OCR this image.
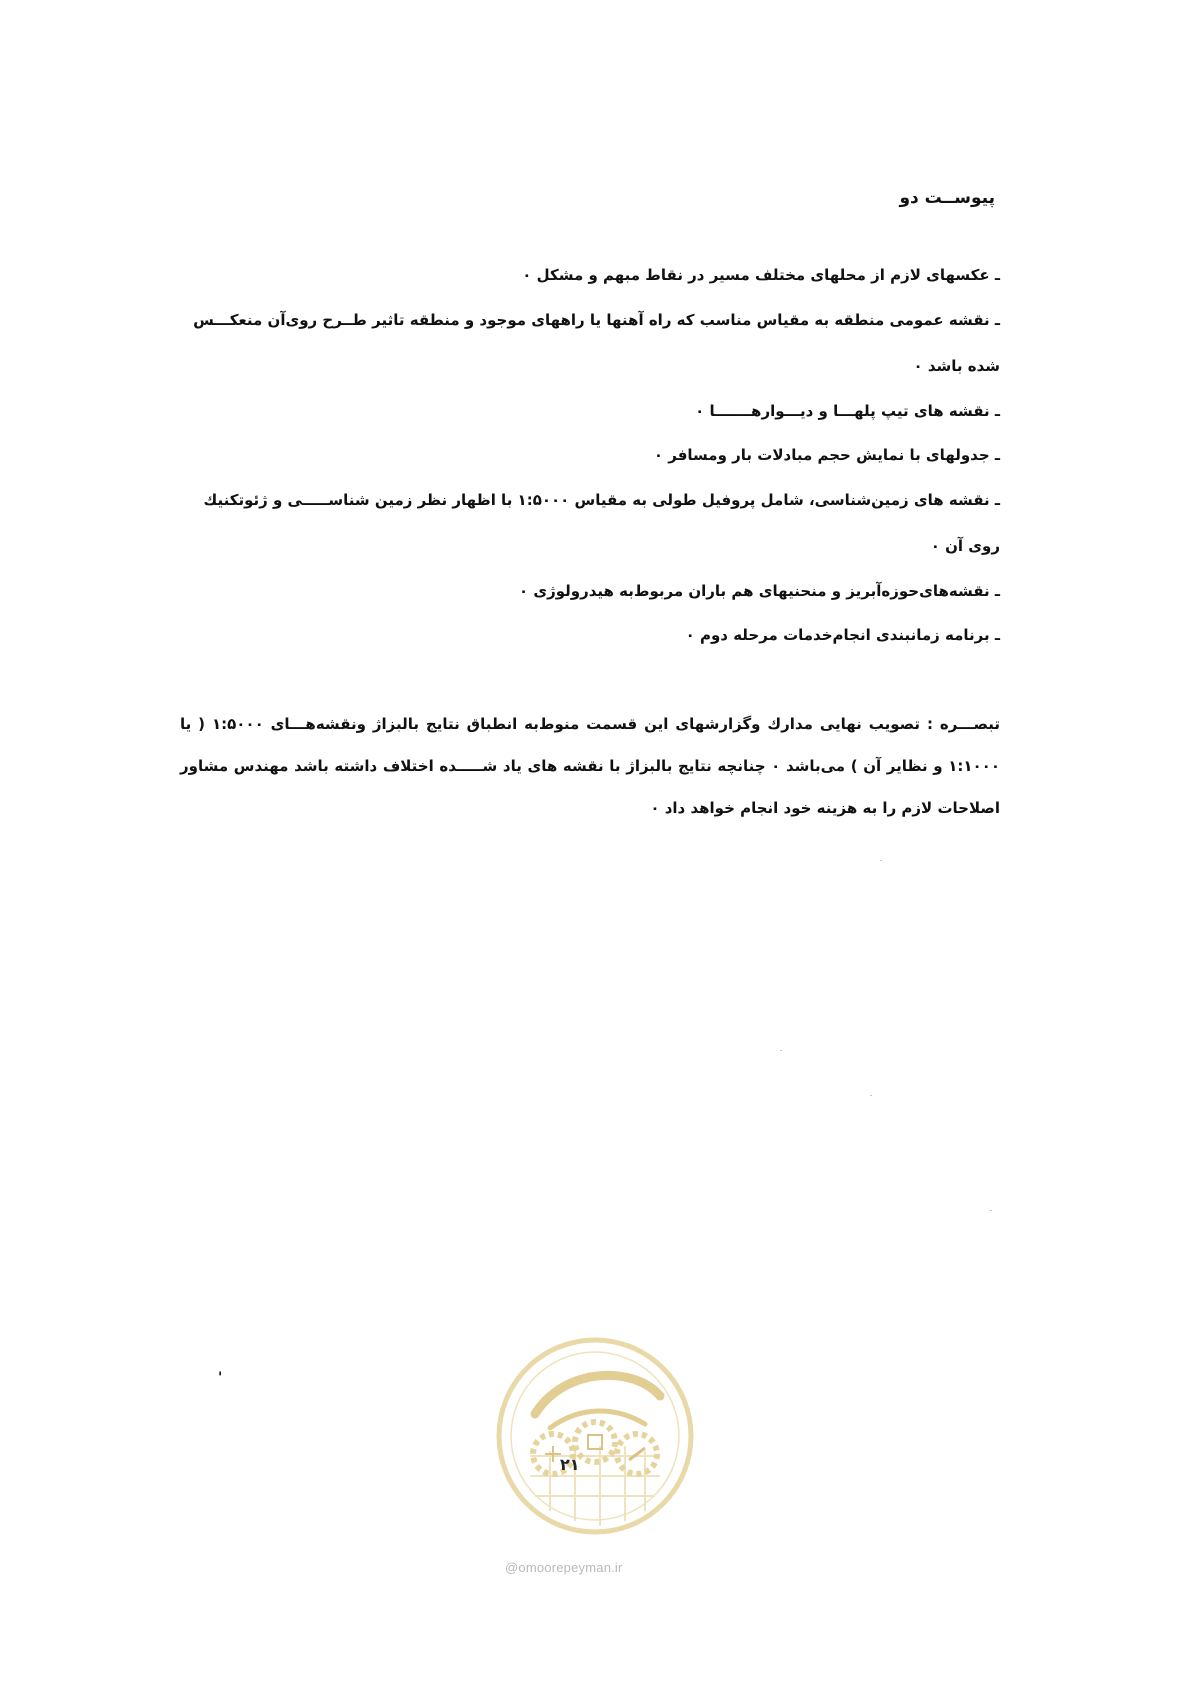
پیوســت دو
ـ عکسهای لازم از محلهای مختلف مسیر در نقاط مبهم و مشکل ۰
ـ نقشه عمومی منطقه به مقیاس مناسب که راه آهنها یا راههای موجود و منطقه تاثیر طــرح روی‌آن منعکـــس شده باشد ۰
ـ نقشه های تیپ پلهـــا و دیـــوارهـــــــا ۰
ـ جدولهای با نمایش حجم مبادلات بار ومسافر ۰
ـ نقشه های زمین‌شناسی، شامل پروفیل طولی به مقیاس ۱:۵۰۰۰ با اظهار نظر زمین شناســـــی و ژئوتکنیك روی آن ۰
ـ نقشه‌های‌حوزه‌آبریز و منحنیهای هم باران مربوط‌به هیدرولوژی ۰
ـ برنامه زمانبندی انجام‌خدمات مرحله دوم ۰
تبصـــره : تصویب نهایی مدارك وگزارشهای این قسمت منوط‌به انطباق نتایج بالبزاژ ونقشه‌هـــای ۱:۵۰۰۰ ( یا ۱:۱۰۰۰ و نظایر آن ) می‌باشد ۰ چنانچه نتایج بالبزاژ با نقشه های یاد شـــــده اختلاف داشته باشد مهندس مشاور اصلاحات لازم را به هزینه خود انجام خواهد داد ۰
'
۲۱
@omoorepeyman.ir
